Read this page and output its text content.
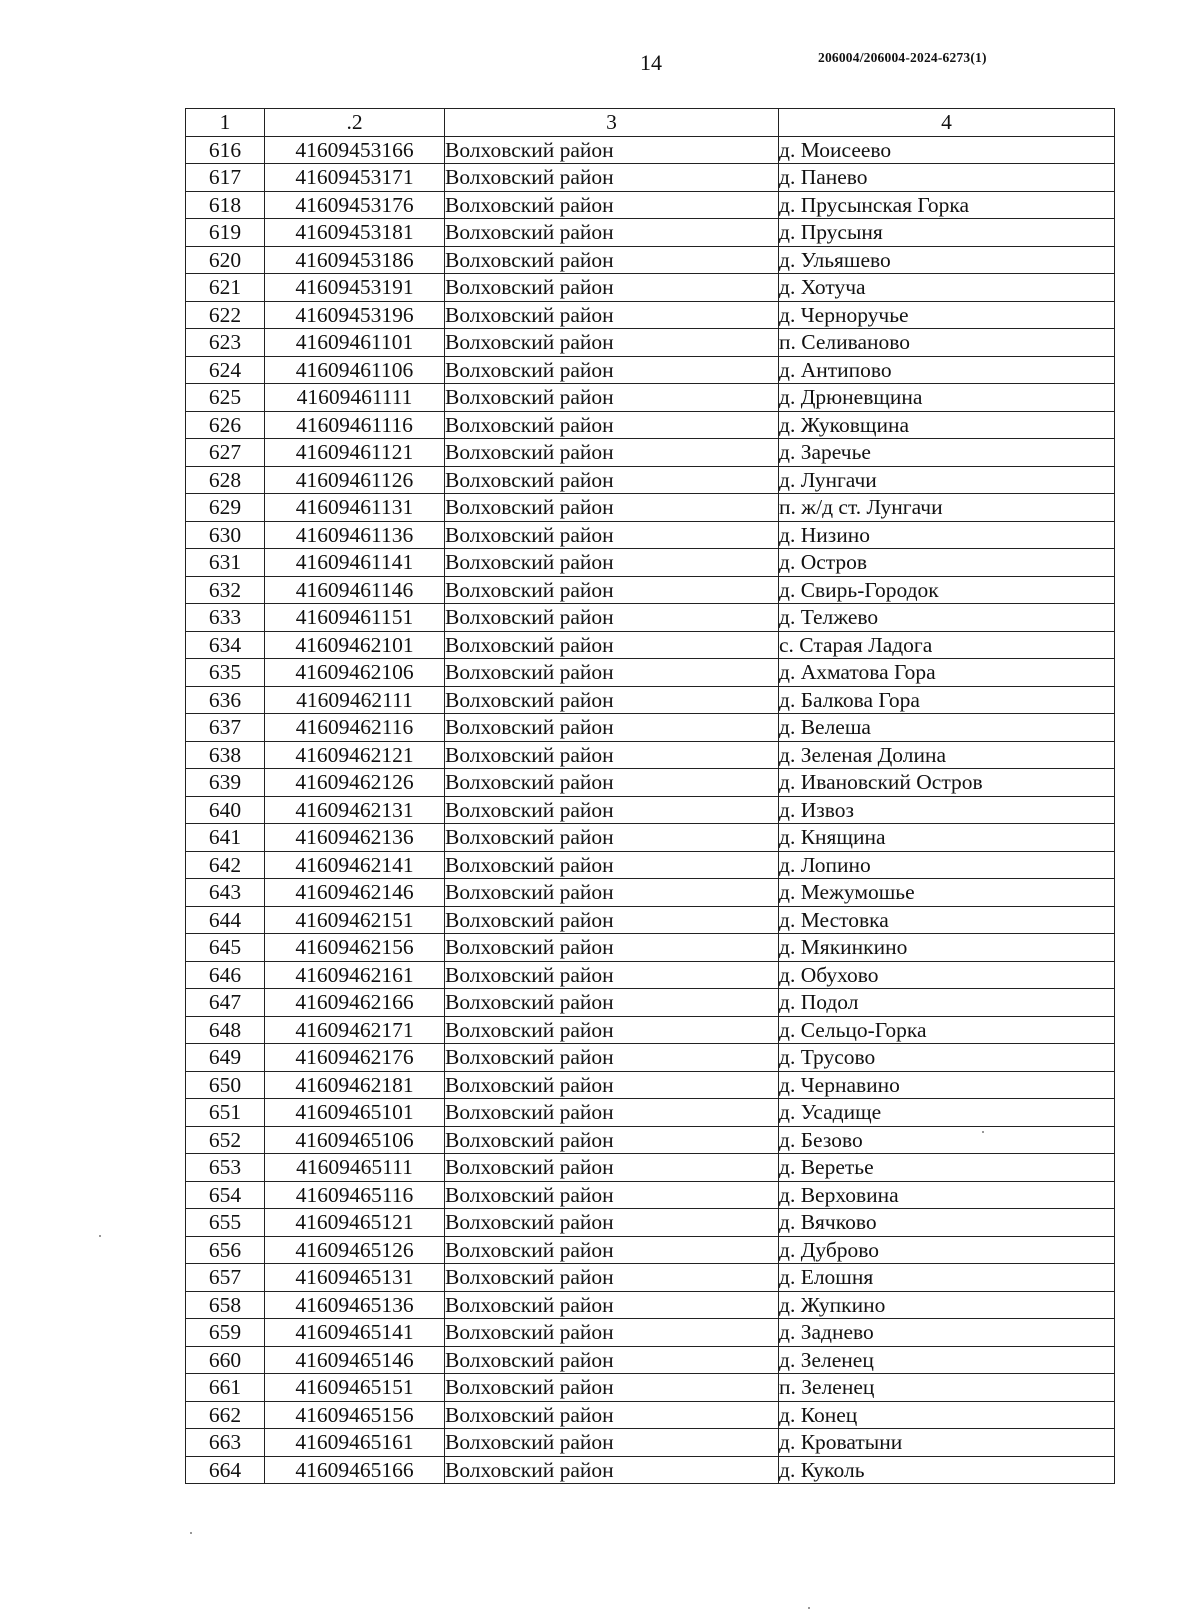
14	206004/206004-2024-6273(1)
1	.2	3	4
616	41609453166	Волховский район	д. Моисеево
617	41609453171	Волховский район	д. Панево
618	41609453176	Волховский район	д. Прусынская Горка
619	41609453181	Волховский район	д. Прусыня
620	41609453186	Волховский район	д. Ульяшево
621	41609453191	Волховский район	д. Хотуча
622	41609453196	Волховский район	д. Черноручье
623	41609461101	Волховский район	п. Селиваново
624	41609461106	Волховский район	д. Антипово
625	41609461111	Волховский район	д. Дрюневщина
626	41609461116	Волховский район	д. Жуковщина
627	41609461121	Волховский район	д. Заречье
628	41609461126	Волховский район	д. Лунгачи
629	41609461131	Волховский район	п. ж/д ст. Лунгачи
630	41609461136	Волховский район	д. Низино
631	41609461141	Волховский район	д. Остров
632	41609461146	Волховский район	д. Свирь-Городок
633	41609461151	Волховский район	д. Телжево
634	41609462101	Волховский район	с. Старая Ладога
635	41609462106	Волховский район	д. Ахматова Гора
636	41609462111	Волховский район	д. Балкова Гора
637	41609462116	Волховский район	д. Велеша
638	41609462121	Волховский район	д. Зеленая Долина
639	41609462126	Волховский район	д. Ивановский Остров
640	41609462131	Волховский район	д. Извоз
641	41609462136	Волховский район	д. Княщина
642	41609462141	Волховский район	д. Лопино
643	41609462146	Волховский район	д. Межумошье
644	41609462151	Волховский район	д. Местовка
645	41609462156	Волховский район	д. Мякинкино
646	41609462161	Волховский район	д. Обухово
647	41609462166	Волховский район	д. Подол
648	41609462171	Волховский район	д. Сельцо-Горка
649	41609462176	Волховский район	д. Трусово
650	41609462181	Волховский район	д. Чернавино
651	41609465101	Волховский район	д. Усадище
652	41609465106	Волховский район	д. Безово
653	41609465111	Волховский район	д. Веретье
654	41609465116	Волховский район	д. Верховина
655	41609465121	Волховский район	д. Вячково
656	41609465126	Волховский район	д. Дуброво
657	41609465131	Волховский район	д. Елошня
658	41609465136	Волховский район	д. Жупкино
659	41609465141	Волховский район	д. Заднево
660	41609465146	Волховский район	д. Зеленец
661	41609465151	Волховский район	п. Зеленец
662	41609465156	Волховский район	д. Конец
663	41609465161	Волховский район	д. Кроватыни
664	41609465166	Волховский район	д. Куколь
